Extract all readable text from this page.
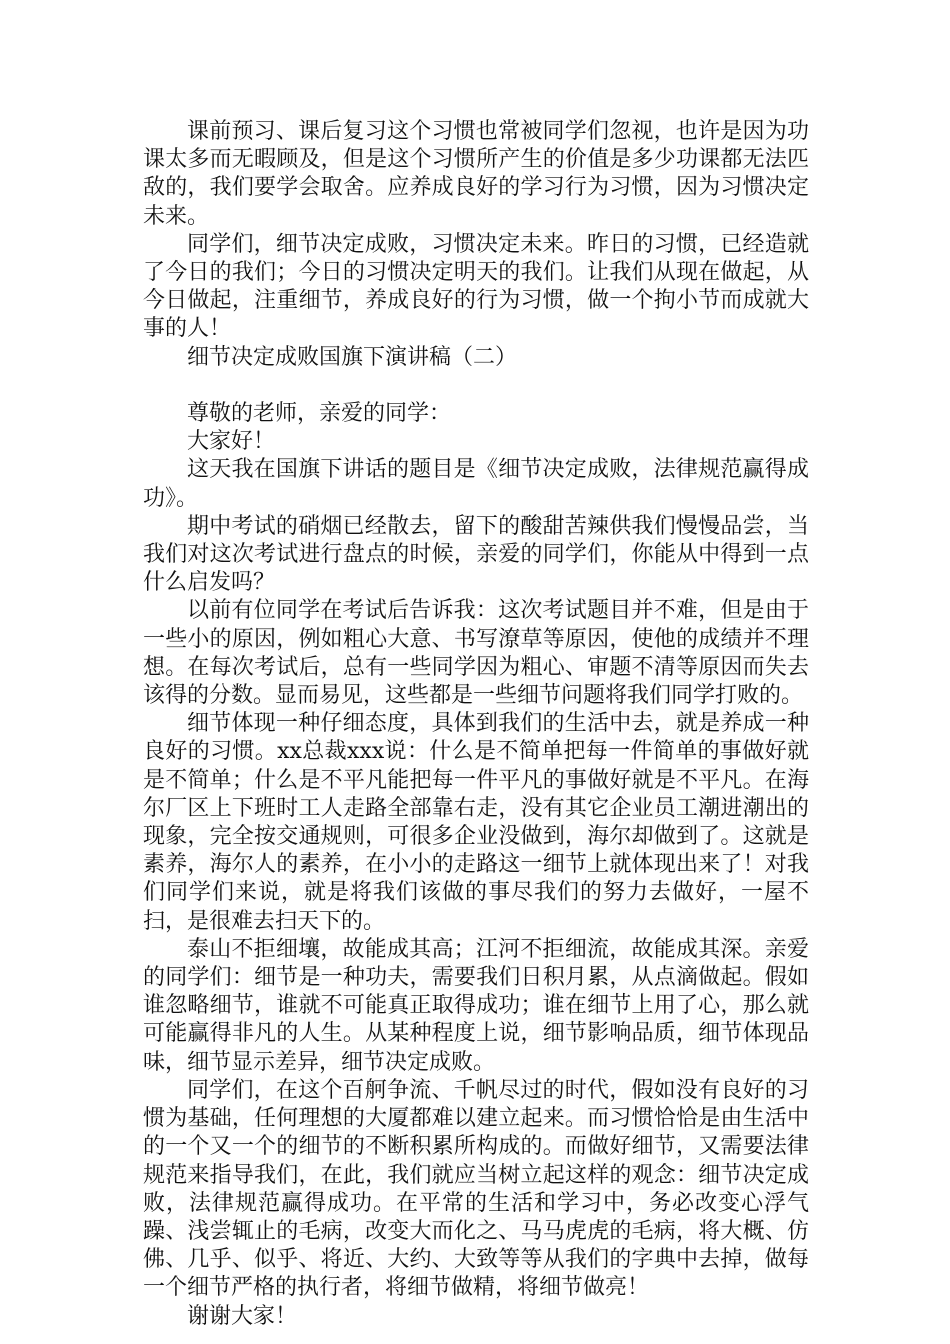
课前预习、课后复习这个习惯也常被同学们忽视，也许是因为功课太多而无暇顾及，但是这个习惯所产生的价值是多少功课都无法匹敌的，我们要学会取舍。应养成良好的学习行为习惯，因为习惯决定未来。

同学们，细节决定成败，习惯决定未来。昨日的习惯，已经造就了今日的我们；今日的习惯决定明天的我们。让我们从现在做起，从今日做起，注重细节，养成良好的行为习惯，做一个拘小节而成就大事的人！

细节决定成败国旗下演讲稿（二）

尊敬的老师，亲爱的同学：

大家好！

这天我在国旗下讲话的题目是《细节决定成败，法律规范赢得成功》。

期中考试的硝烟已经散去，留下的酸甜苦辣供我们慢慢品尝，当我们对这次考试进行盘点的时候，亲爱的同学们，你能从中得到一点什么启发吗？

以前有位同学在考试后告诉我：这次考试题目并不难，但是由于一些小的原因，例如粗心大意、书写潦草等原因，使他的成绩并不理想。在每次考试后，总有一些同学因为粗心、审题不清等原因而失去该得的分数。显而易见，这些都是一些细节问题将我们同学打败的。

细节体现一种仔细态度，具体到我们的生活中去，就是养成一种良好的习惯。xx总裁xxx说：什么是不简单把每一件简单的事做好就是不简单；什么是不平凡能把每一件平凡的事做好就是不平凡。在海尔厂区上下班时工人走路全部靠右走，没有其它企业员工潮进潮出的现象，完全按交通规则，可很多企业没做到，海尔却做到了。这就是素养，海尔人的素养，在小小的走路这一细节上就体现出来了！对我们同学们来说，就是将我们该做的事尽我们的努力去做好，一屋不扫，是很难去扫天下的。

泰山不拒细壤，故能成其高；江河不拒细流，故能成其深。亲爱的同学们：细节是一种功夫，需要我们日积月累，从点滴做起。假如谁忽略细节，谁就不可能真正取得成功；谁在细节上用了心，那么就可能赢得非凡的人生。从某种程度上说，细节影响品质，细节体现品味，细节显示差异，细节决定成败。

同学们，在这个百舸争流、千帆尽过的时代，假如没有良好的习惯为基础，任何理想的大厦都难以建立起来。而习惯恰恰是由生活中的一个又一个的细节的不断积累所构成的。而做好细节，又需要法律规范来指导我们，在此，我们就应当树立起这样的观念：细节决定成败，法律规范赢得成功。在平常的生活和学习中，务必改变心浮气躁、浅尝辄止的毛病，改变大而化之、马马虎虎的毛病，将大概、仿佛、几乎、似乎、将近、大约、大致等等从我们的字典中去掉，做每一个细节严格的执行者，将细节做精，将细节做亮！

谢谢大家！
